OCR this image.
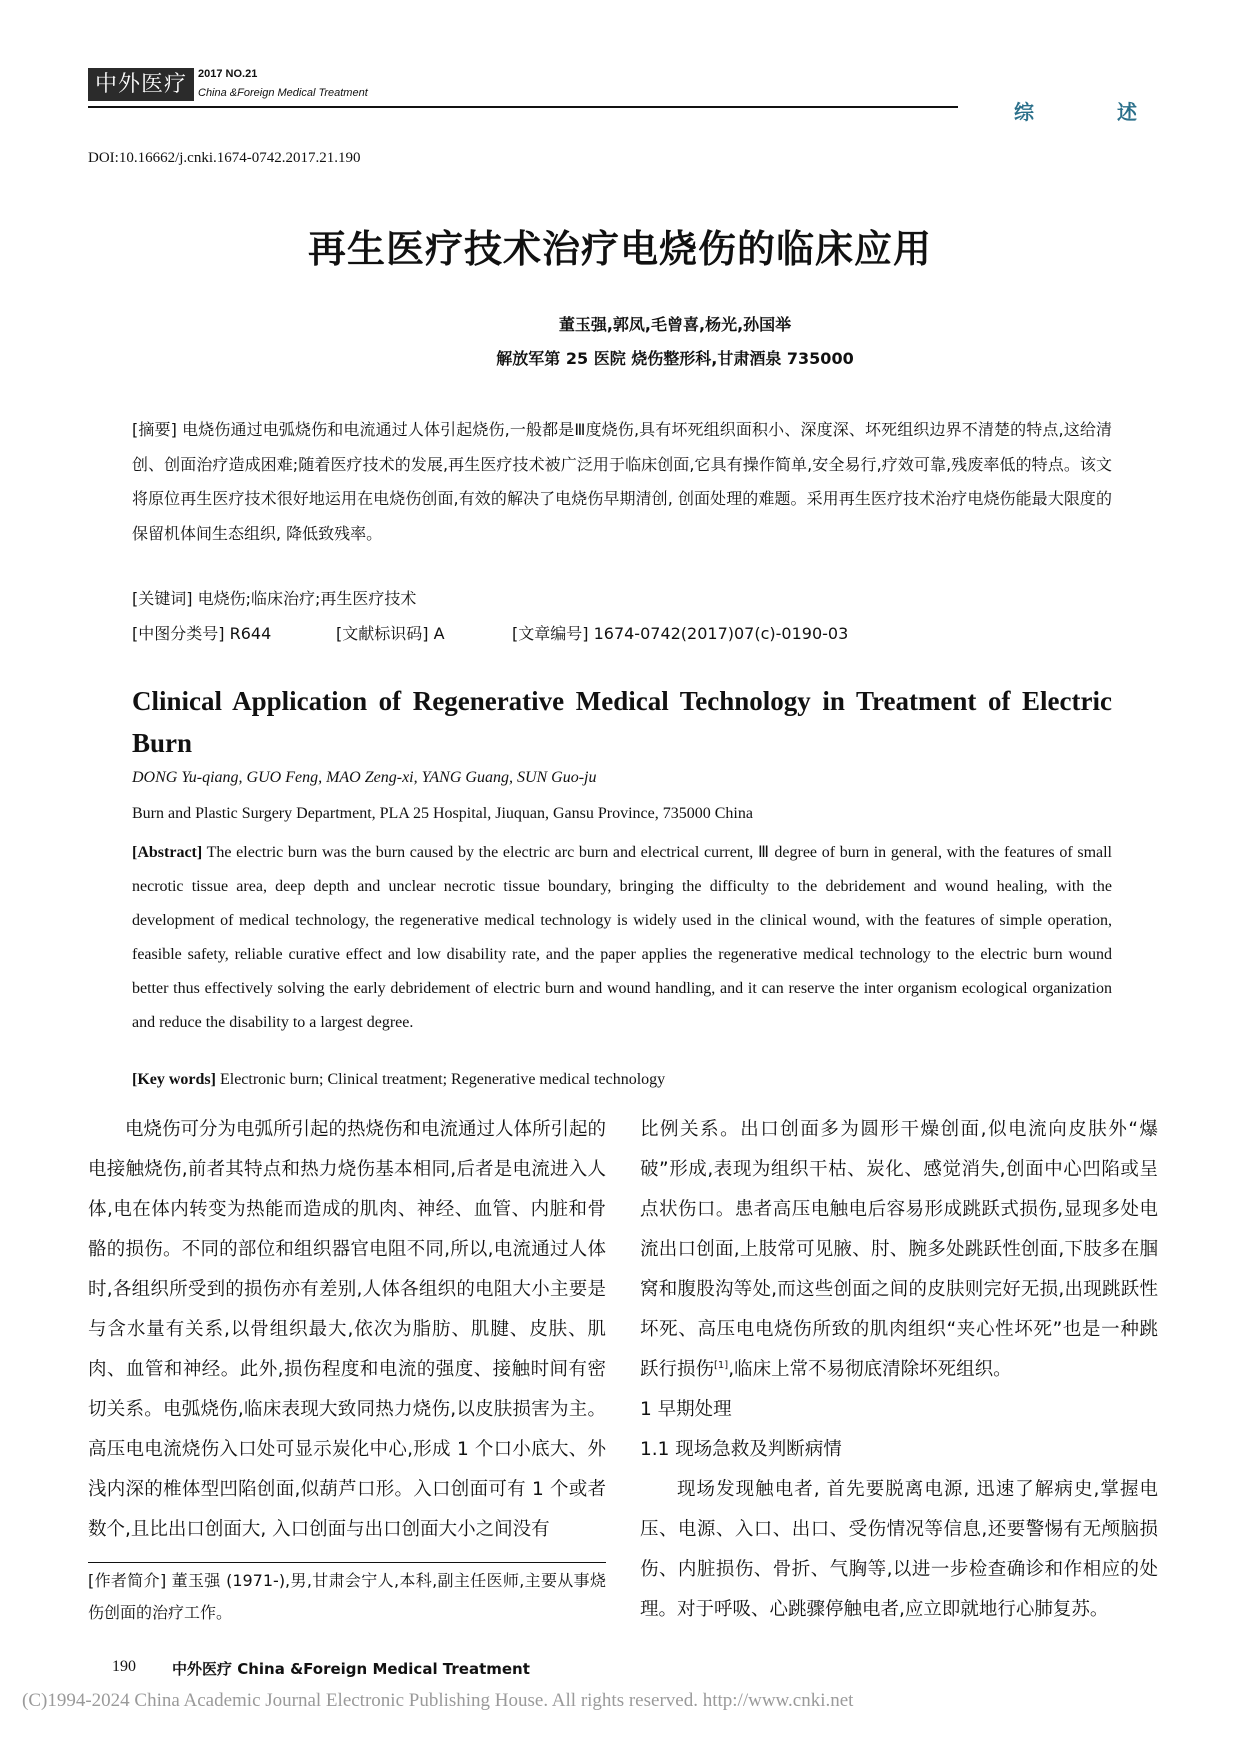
中外医疗	2017 NO.21
China &Foreign Medical Treatment
综 述
DOI:10.16662/j.cnki.1674-0742.2017.21.190
再生医疗技术治疗电烧伤的临床应用
董玉强,郭凤,毛曾喜,杨光,孙国举
解放军第 25 医院 烧伤整形科,甘肃酒泉 735000
[摘要] 电烧伤通过电弧烧伤和电流通过人体引起烧伤,一般都是Ⅲ度烧伤,具有坏死组织面积小、深度深、坏死组织边界不清楚的特点,这给清创、创面治疗造成困难;随着医疗技术的发展,再生医疗技术被广泛用于临床创面,它具有操作简单,安全易行,疗效可靠,残废率低的特点。该文将原位再生医疗技术很好地运用在电烧伤创面,有效的解决了电烧伤早期清创, 创面处理的难题。采用再生医疗技术治疗电烧伤能最大限度的保留机体间生态组织, 降低致残率。
[关键词] 电烧伤;临床治疗;再生医疗技术
[中图分类号] R644	[文献标识码] A	[文章编号] 1674-0742(2017)07(c)-0190-03
Clinical Application of Regenerative Medical Technology in Treatment of Electric Burn
DONG Yu-qiang, GUO Feng, MAO Zeng-xi, YANG Guang, SUN Guo-ju
Burn and Plastic Surgery Department, PLA 25 Hospital, Jiuquan, Gansu Province, 735000 China
[Abstract] The electric burn was the burn caused by the electric arc burn and electrical current, Ⅲ degree of burn in general, with the features of small necrotic tissue area, deep depth and unclear necrotic tissue boundary, bringing the difficulty to the debridement and wound healing, with the development of medical technology, the regenerative medical technology is widely used in the clinical wound, with the features of simple operation, feasible safety, reliable curative effect and low disability rate, and the paper applies the regenerative medical technology to the electric burn wound better thus effectively solving the early debridement of electric burn and wound handling, and it can reserve the inter organism ecological organization and reduce the disability to a largest degree.
[Key words] Electronic burn; Clinical treatment; Regenerative medical technology

电烧伤可分为电弧所引起的热烧伤和电流通过人体所引起的电接触烧伤,前者其特点和热力烧伤基本相同,后者是电流进入人体,电在体内转变为热能而造成的肌肉、神经、血管、内脏和骨骼的损伤。不同的部位和组织器官电阻不同,所以,电流通过人体时,各组织所受到的损伤亦有差别,人体各组织的电阻大小主要是与含水量有关系,以骨组织最大,依次为脂肪、肌腱、皮肤、肌肉、血管和神经。此外,损伤程度和电流的强度、接触时间有密切关系。电弧烧伤,临床表现大致同热力烧伤,以皮肤损害为主。高压电电流烧伤入口处可显示炭化中心,形成 1 个口小底大、外浅内深的椎体型凹陷创面,似葫芦口形。入口创面可有 1 个或者数个,且比出口创面大, 入口创面与出口创面大小之间没有

比例关系。出口创面多为圆形干燥创面,似电流向皮肤外“爆破”形成,表现为组织干枯、炭化、感觉消失,创面中心凹陷或呈点状伤口。患者高压电触电后容易形成跳跃式损伤,显现多处电流出口创面,上肢常可见腋、肘、腕多处跳跃性创面,下肢多在腘窝和腹股沟等处,而这些创面之间的皮肤则完好无损,出现跳跃性坏死、高压电电烧伤所致的肌肉组织“夹心性坏死”也是一种跳跃行损伤[1],临床上常不易彻底清除坏死组织。

1 早期处理

1.1 现场急救及判断病情

现场发现触电者, 首先要脱离电源, 迅速了解病史,掌握电压、电源、入口、出口、受伤情况等信息,还要警惕有无颅脑损伤、内脏损伤、骨折、气胸等,以进一步检查确诊和作相应的处理。对于呼吸、心跳骤停触电者,应立即就地行心肺复苏。

[作者简介] 董玉强 (1971-),男,甘肃会宁人,本科,副主任医师,主要从事烧伤创面的治疗工作。
190 中外医疗 China &Foreign Medical Treatment
(C)1994-2024 China Academic Journal Electronic Publishing House. All rights reserved. http://www.cnki.net
